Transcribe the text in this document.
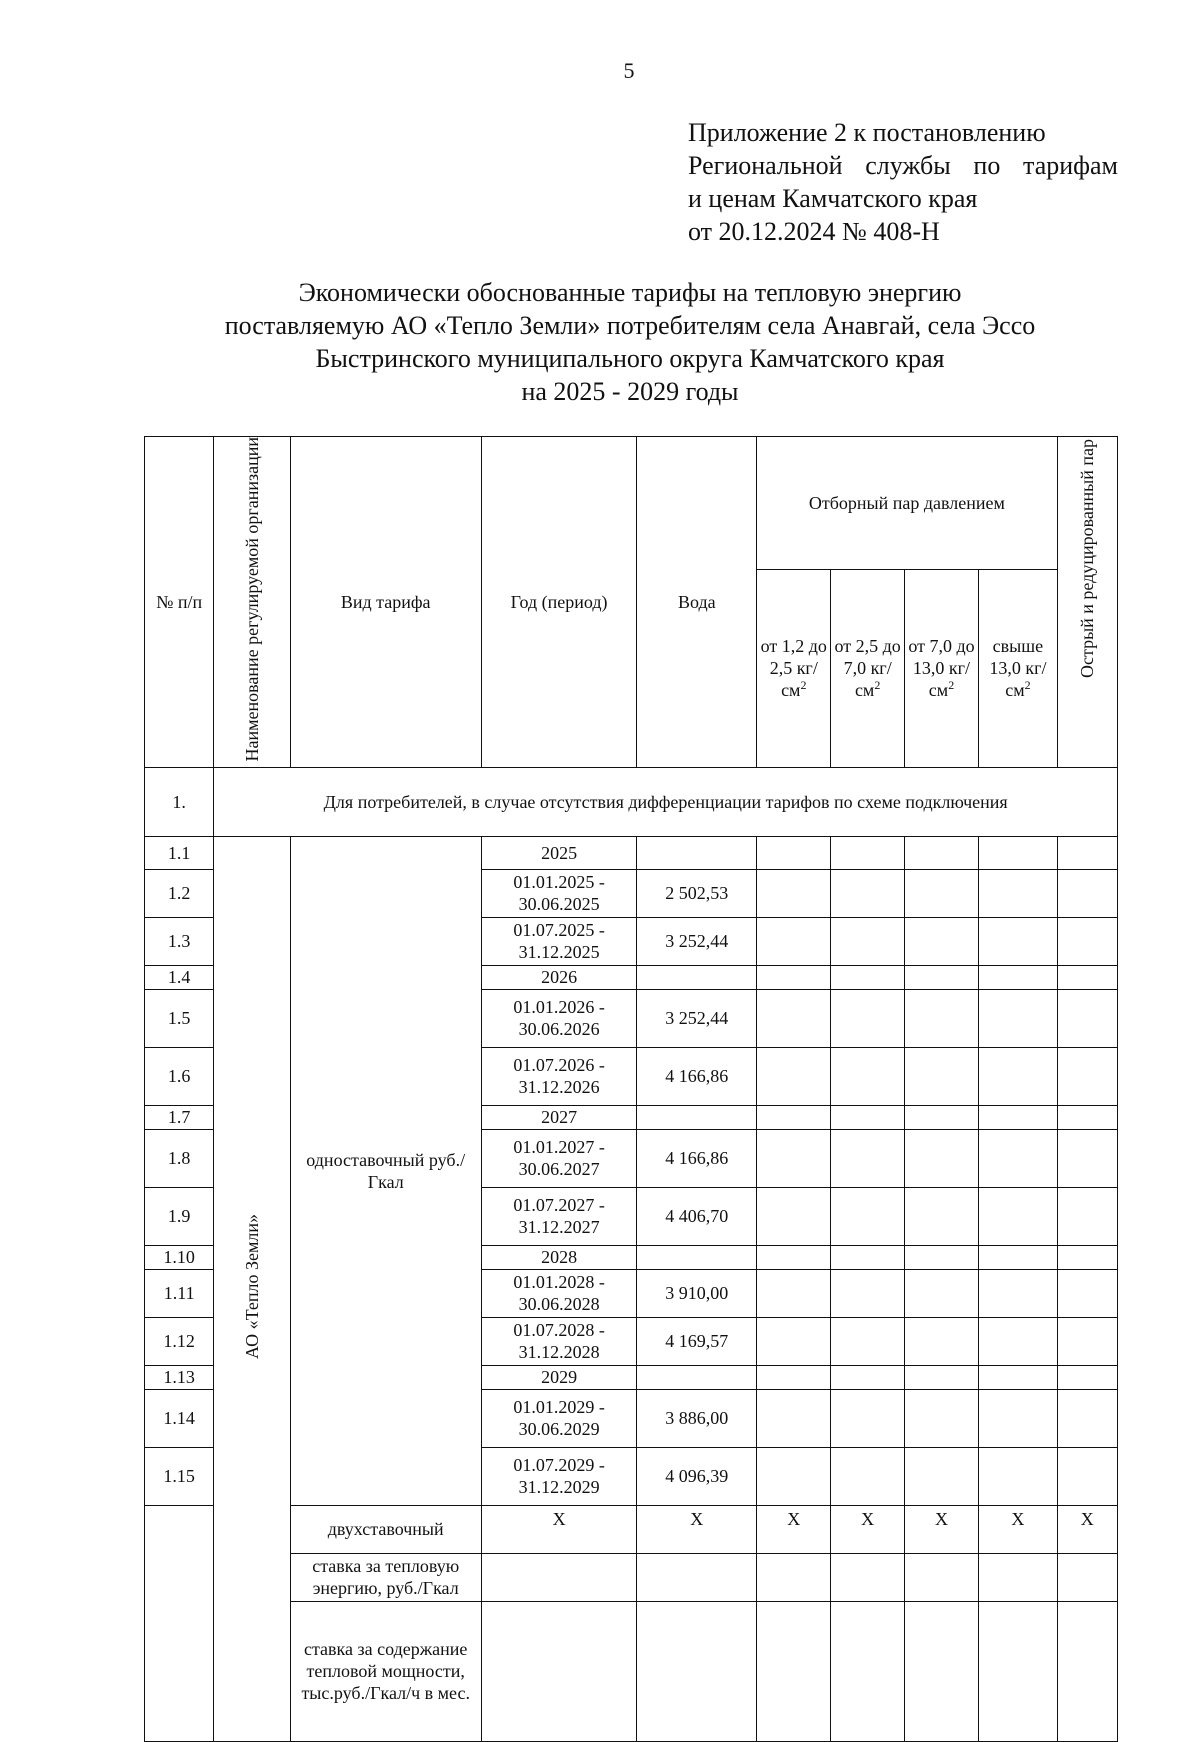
5
Приложение 2 к постановлению
Региональной службы по тарифам
и ценам Камчатского края
от 20.12.2024 № 408-Н
Экономически обоснованные тарифы на тепловую энергию
поставляемую АО «Тепло Земли» потребителям села Анавгай, села Эссо
Быстринского муниципального округа Камчатского края
на 2025 - 2029 годы
№ п/п	Наименование регулируемой организации	Вид тарифа	Год (период)	Вода	Отборный пар давлением				Острый и редуцированный пар
					от 1,2 до 2,5 $кг/см^2$	от 2,5 до 7,0 $кг/см^2$	от 7,0 до 13,0 $кг/см^2$	свыше 13,0 $кг/см^2$
1.	Для потребителей, в случае отсутствия дифференциации тарифов по схеме подключения								
1.1	АО «Тепло Земли»	одноставочный руб./Гкал	2025						
1.2			01.01.2025 - 30.06.2025	2 502,53					
1.3			01.07.2025 - 31.12.2025	3 252,44					
1.4			2026						
1.5			01.01.2026 - 30.06.2026	3 252,44					
1.6			01.07.2026 - 31.12.2026	4 166,86					
1.7			2027						
1.8			01.01.2027 - 30.06.2027	4 166,86					
1.9			01.07.2027 - 31.12.2027	4 406,70					
1.10			2028						
1.11			01.01.2028 - 30.06.2028	3 910,00					
1.12			01.07.2028 - 31.12.2028	4 169,57					
1.13			2029						
1.14			01.01.2029 - 30.06.2029	3 886,00					
1.15			01.07.2029 - 31.12.2029	4 096,39					
		двухставочный	Х	Х	Х	Х	Х	Х	Х
		ставка за тепловую энергию, руб./Гкал							
		ставка за содержание тепловой мощности, тыс.руб./Гкал/ч в мес.							
